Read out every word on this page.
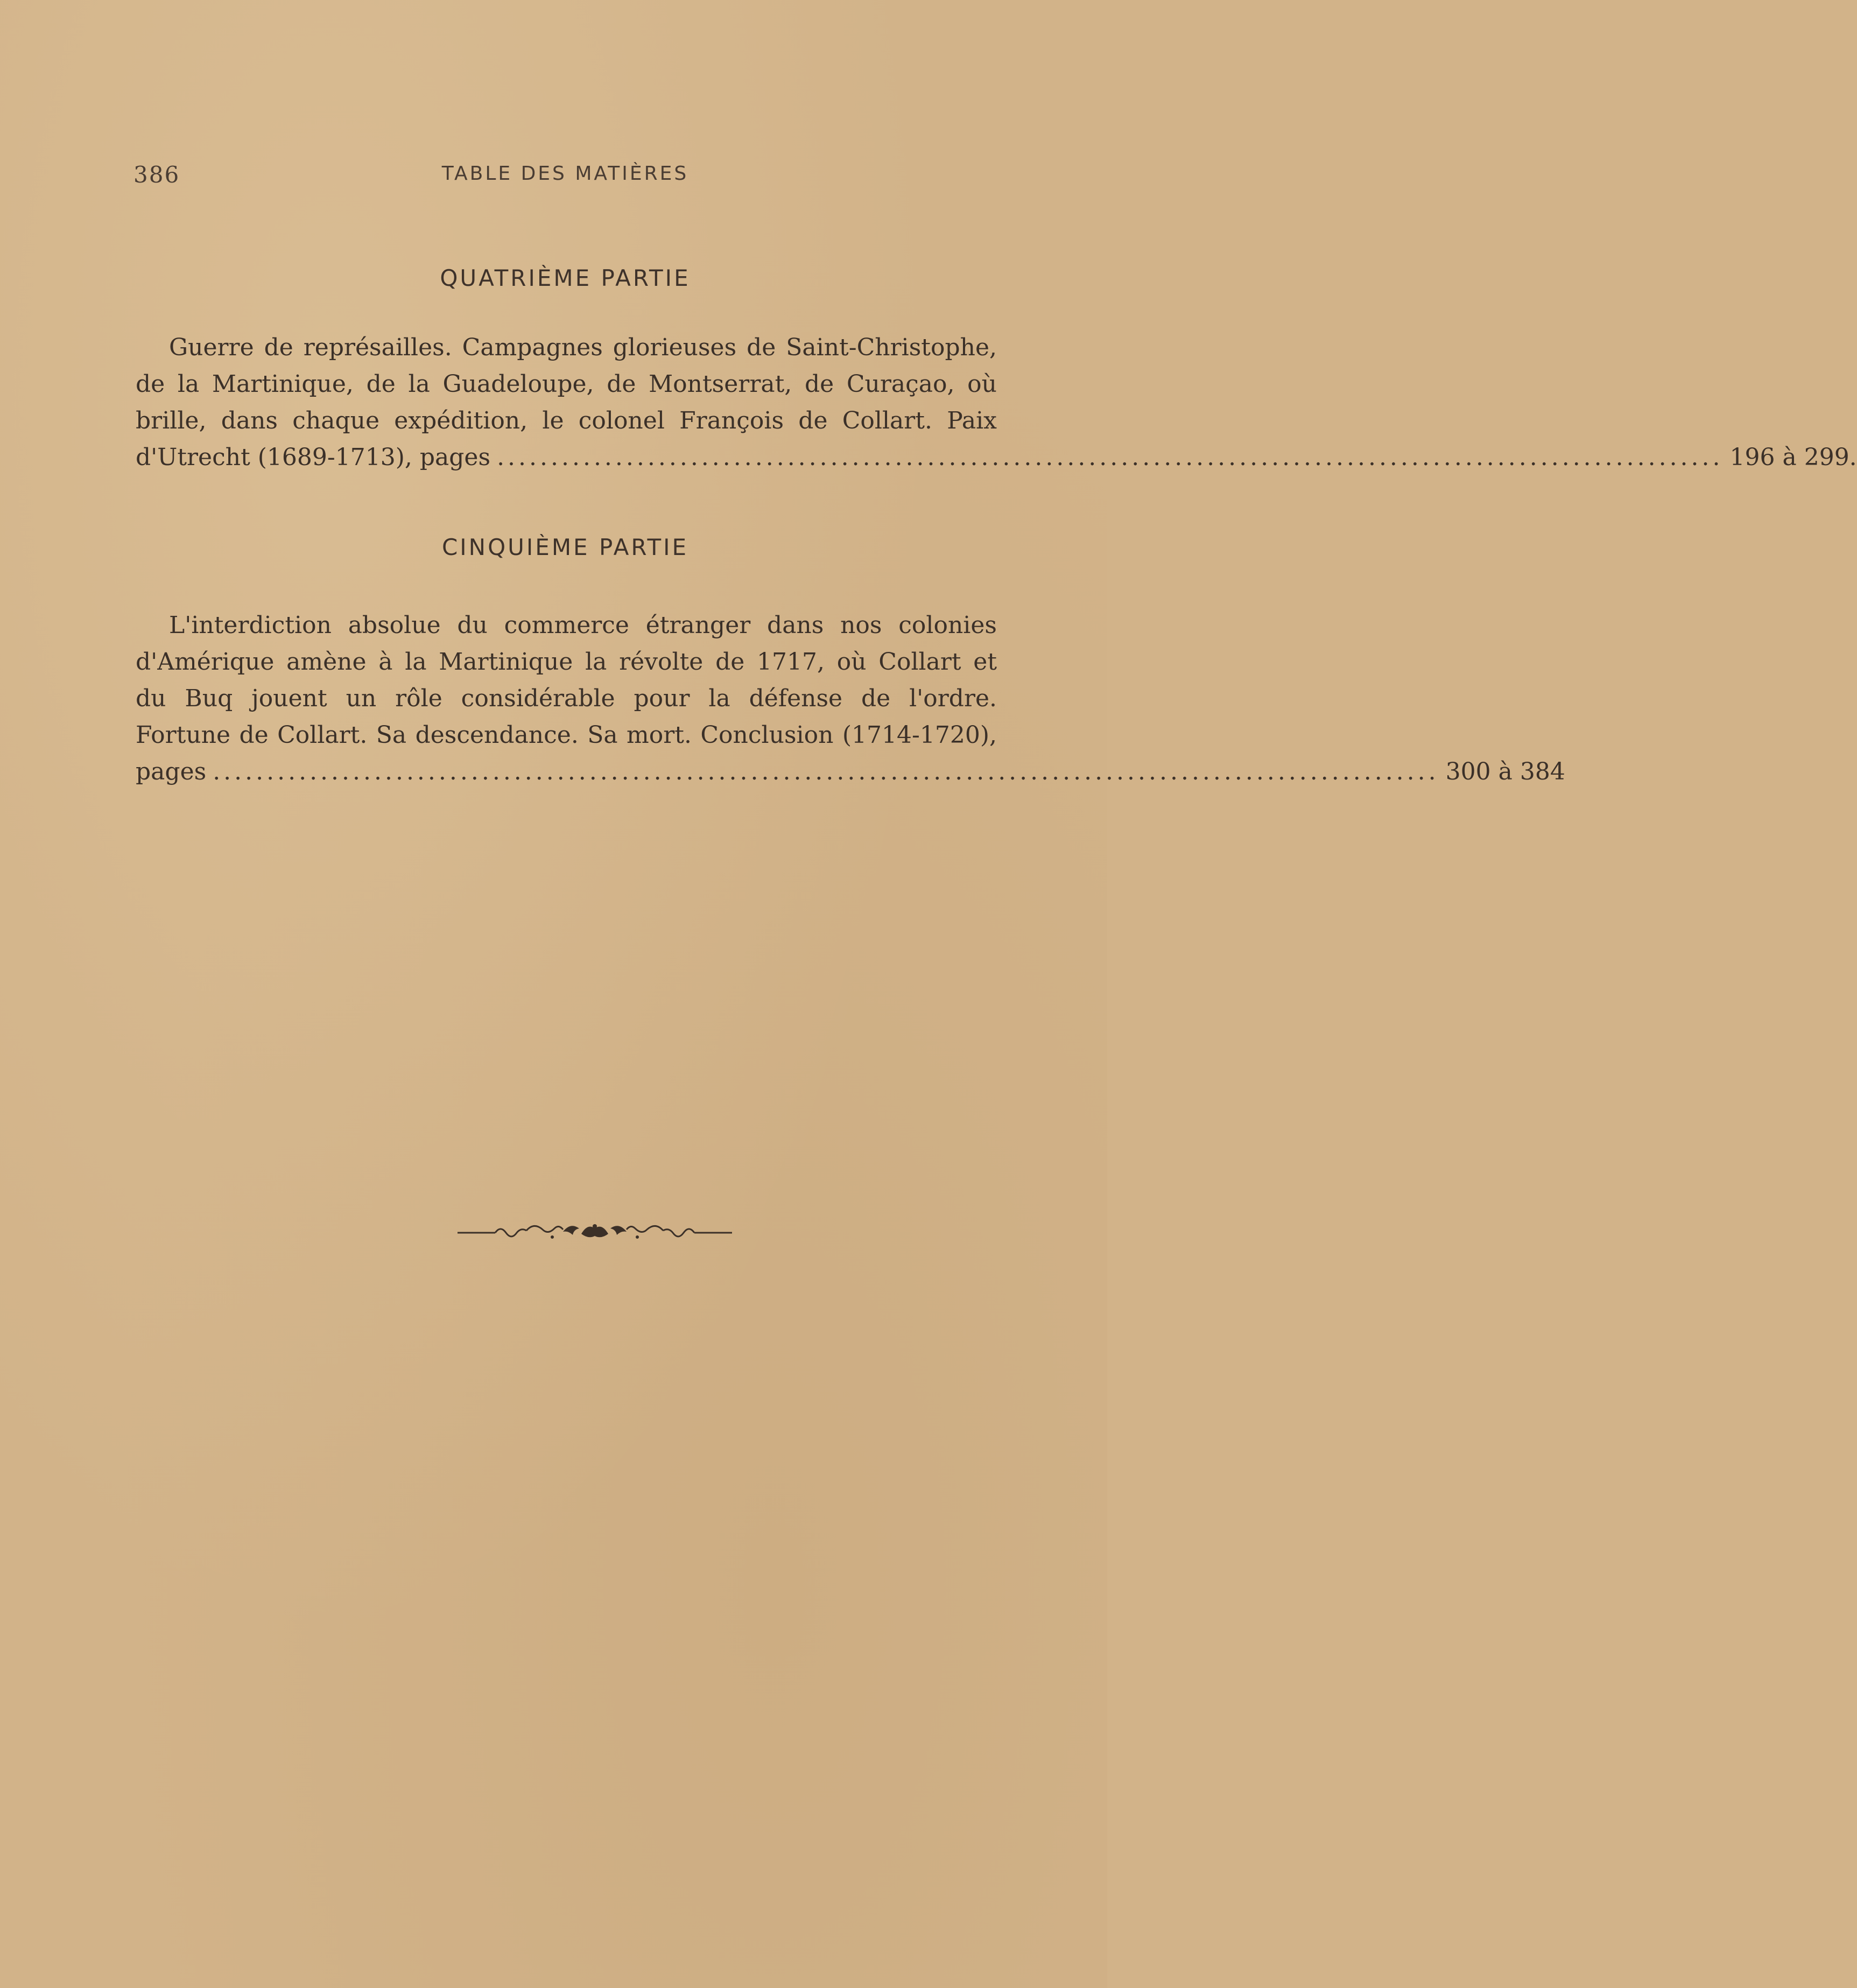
386	TABLE DES MATIÈRES
QUATRIÈME PARTIE
Guerre de représailles. Campagnes glorieuses de Saint-Christophe,
de la Martinique, de la Guadeloupe, de Montserrat, de Curaçao, où
brille, dans chaque expédition, le colonel François de Collart. Paix
d'Utrecht (1689-1713), pages .................................................................................................................. 196 à 299.
CINQUIÈME PARTIE
L'interdiction absolue du commerce étranger dans nos colonies
d'Amérique amène à la Martinique la révolte de 1717, où Collart et
du Buq jouent un rôle considérable pour la défense de l'ordre.
Fortune de Collart. Sa descendance. Sa mort. Conclusion (1714-1720),
pages .................................................................................................................. 300 à 384
